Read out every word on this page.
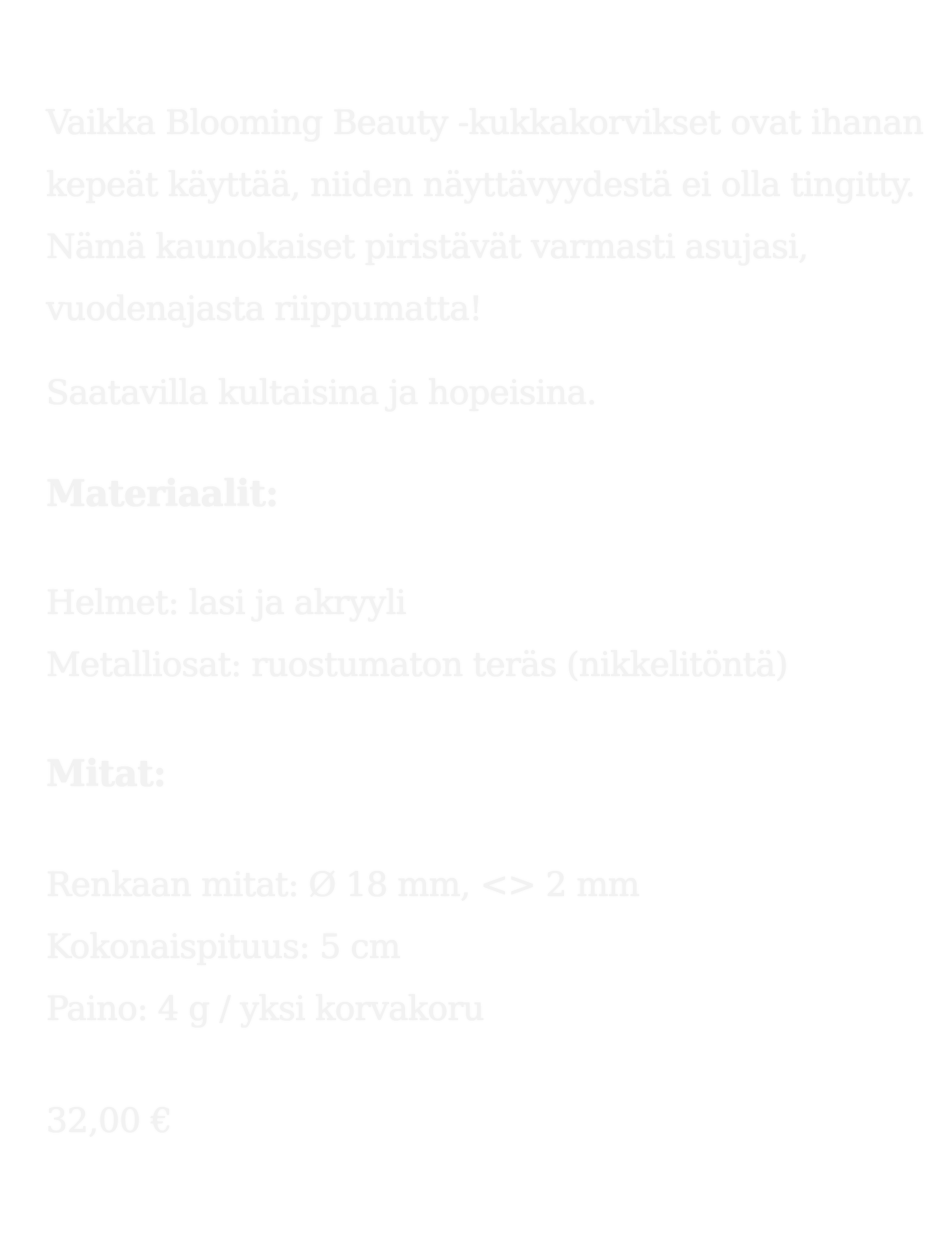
Vaikka Blooming Beauty -kukkakorvikset ovat ihanan kepeät käyttää, niiden näyttävyydestä ei olla tingitty. Nämä kaunokaiset piristävät varmasti asujasi, vuodenajasta riippumatta!

Saatavilla kultaisina ja hopeisina.

Materiaalit:
Helmet: lasi ja akryyli
Metalliosat: ruostumaton teräs (nikkelitöntä)
Mitat:
Renkaan mitat: Ø 18 mm, <> 2 mm
Kokonaispituus: 5 cm
Paino: 4 g / yksi korvakoru

32,00 €
